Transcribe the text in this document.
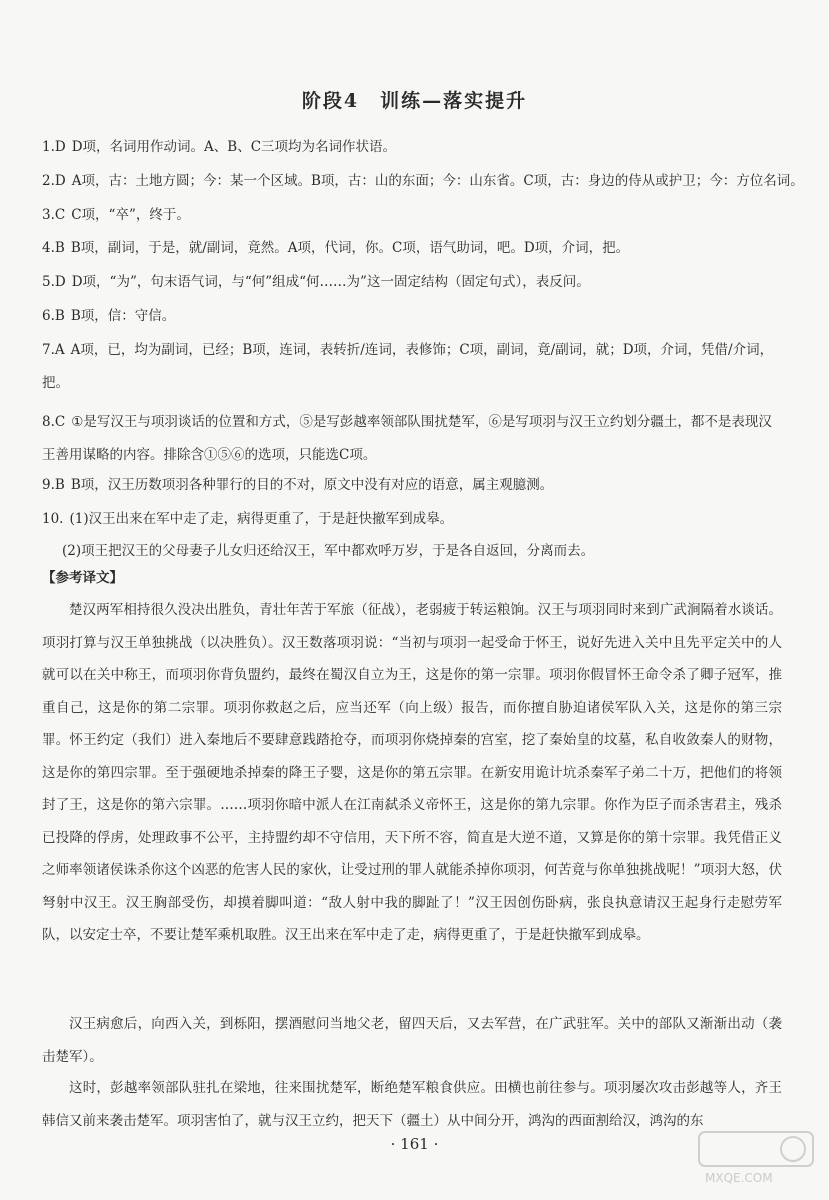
阶段4　训练—落实提升
1.D D项，名词用作动词。A、B、C三项均为名词作状语。
2.D A项，古：土地方圆；今：某一个区域。B项，古：山的东面；今：山东省。C项，古：身边的侍从或护卫；今：方位名词。
3.C C项，“卒”，终于。
4.B B项，副词，于是，就/副词，竟然。A项，代词，你。C项，语气助词，吧。D项，介词，把。
5.D D项，“为”，句末语气词，与“何”组成“何……为”这一固定结构（固定句式），表反问。
6.B B项，信：守信。
7.A A项，已，均为副词，已经；B项，连词，表转折/连词，表修饰；C项，副词，竟/副词，就；D项，介词，凭借/介词，把。
8.C ①是写汉王与项羽谈话的位置和方式，⑤是写彭越率领部队围扰楚军，⑥是写项羽与汉王立约划分疆土，都不是表现汉王善用谋略的内容。排除含①⑤⑥的选项，只能选C项。
9.B B项，汉王历数项羽各种罪行的目的不对，原文中没有对应的语意，属主观臆测。
10. (1)汉王出来在军中走了走，病得更重了，于是赶快撤军到成皋。
(2)项王把汉王的父母妻子儿女归还给汉王，军中都欢呼万岁，于是各自返回，分离而去。
【参考译文】
楚汉两军相持很久没决出胜负，青壮年苦于军旅（征战），老弱疲于转运粮饷。汉王与项羽同时来到广武涧隔着水谈话。项羽打算与汉王单独挑战（以决胜负）。汉王数落项羽说：“当初与项羽一起受命于怀王，说好先进入关中且先平定关中的人就可以在关中称王，而项羽你背负盟约，最终在蜀汉自立为王，这是你的第一宗罪。项羽你假冒怀王命令杀了卿子冠军，推重自己，这是你的第二宗罪。项羽你救赵之后，应当还军（向上级）报告，而你擅自胁迫诸侯军队入关，这是你的第三宗罪。怀王约定（我们）进入秦地后不要肆意践踏抢夺，而项羽你烧掉秦的宫室，挖了秦始皇的坟墓，私自收敛秦人的财物，这是你的第四宗罪。至于强硬地杀掉秦的降王子婴，这是你的第五宗罪。在新安用诡计坑杀秦军子弟二十万，把他们的将领封了王，这是你的第六宗罪。……项羽你暗中派人在江南弑杀义帝怀王，这是你的第九宗罪。你作为臣子而杀害君主，残杀已投降的俘虏，处理政事不公平，主持盟约却不守信用，天下所不容，简直是大逆不道，又算是你的第十宗罪。我凭借正义之师率领诸侯诛杀你这个凶恶的危害人民的家伙，让受过刑的罪人就能杀掉你项羽，何苦竟与你单独挑战呢！”项羽大怒，伏弩射中汉王。汉王胸部受伤，却摸着脚叫道：“敌人射中我的脚趾了！”汉王因创伤卧病，张良执意请汉王起身行走慰劳军队，以安定士卒，不要让楚军乘机取胜。汉王出来在军中走了走，病得更重了，于是赶快撤军到成皋。
汉王病愈后，向西入关，到栎阳，摆酒慰问当地父老，留四天后，又去军营，在广武驻军。关中的部队又渐渐出动（袭击楚军）。
这时，彭越率领部队驻扎在梁地，往来围扰楚军，断绝楚军粮食供应。田横也前往参与。项羽屡次攻击彭越等人，齐王韩信又前来袭击楚军。项羽害怕了，就与汉王立约，把天下（疆土）从中间分开，鸿沟的西面割给汉，鸿沟的东
· 161 ·
MXQE.COM
